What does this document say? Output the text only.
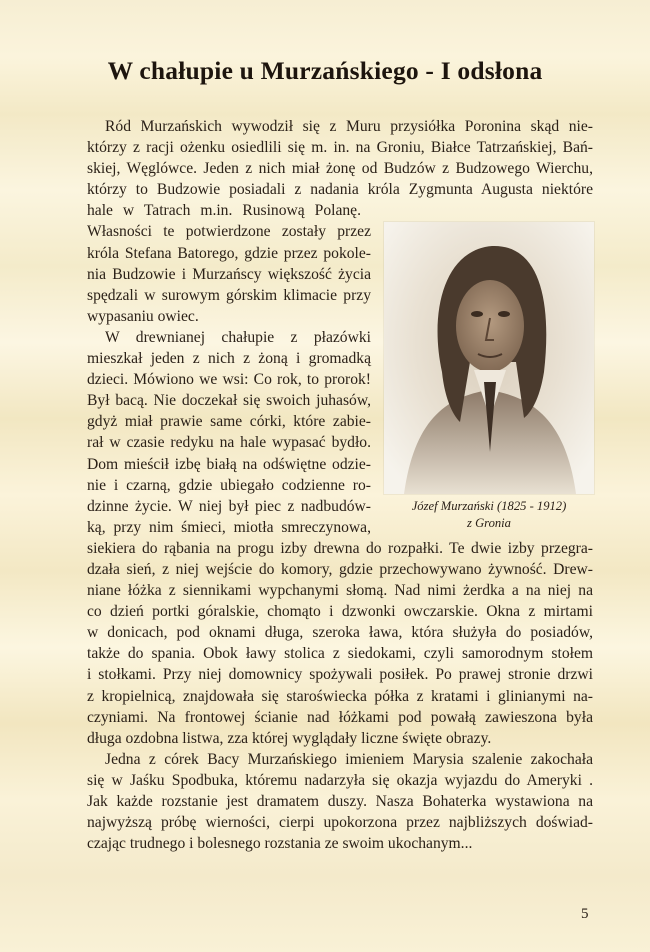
W chałupie u Murzańskiego - I odsłona
Ród Murzańskich wywodził się z Muru przysiółka Poronina skąd nie-
którzy z racji ożenku osiedlili się m. in. na Groniu, Białce Tatrzańskiej, Bań-
skiej, Węglówce. Jeden z nich miał żonę od Budzów z Budzowego Wierchu,
którzy to Budzowie posiadali z nadania króla Zygmunta Augusta niektóre
hale w Tatrach m.in. Rusinową Polanę.
Własności te potwierdzone zostały przez
króla Stefana Batorego, gdzie przez pokole-
nia Budzowie i Murzańscy większość życia
spędzali w surowym górskim klimacie przy
wypasaniu owiec.
W drewnianej chałupie z płazówki
mieszkał jeden z nich z żoną i gromadką
dzieci. Mówiono we wsi: Co rok, to prorok!
Był bacą. Nie doczekał się swoich juhasów,
gdyż miał prawie same córki, które zabie-
rał w czasie redyku na hale wypasać bydło.
Dom mieścił izbę białą na odświętne odzie-
nie i czarną, gdzie ubiegało codzienne ro-
dzinne życie. W niej był piec z nadbudów-
ką, przy nim śmieci, miotła smreczynowa,
siekiera do rąbania na progu izby drewna do rozpałki. Te dwie izby przegra-
dzała sień, z niej wejście do komory, gdzie przechowywano żywność. Drew-
niane łóżka z siennikami wypchanymi słomą. Nad nimi żerdka a na niej na
co dzień portki góralskie, chomąto i dzwonki owczarskie. Okna z mirtami
w donicach, pod oknami długa, szeroka ława, która służyła do posiadów,
także do spania. Obok ławy stolica z siedokami, czyli samorodnym stołem
i stołkami. Przy niej domownicy spożywali posiłek. Po prawej stronie drzwi
z kropielnicą, znajdowała się staroświecka półka z kratami i glinianymi na-
czyniami. Na frontowej ścianie nad łóżkami pod powałą zawieszona była
długa ozdobna listwa, zza której wyglądały liczne święte obrazy.
Jedna z córek Bacy Murzańskiego imieniem Marysia szalenie zakochała
się w Jaśku Spodbuka, któremu nadarzyła się okazja wyjazdu do Ameryki .
Jak każde rozstanie jest dramatem duszy. Nasza Bohaterka wystawiona na
najwyższą próbę wierności, cierpi upokorzona przez najbliższych doświad-
czając trudnego i bolesnego rozstania ze swoim ukochanym...
Józef Murzański (1825 - 1912)
z Gronia
5
